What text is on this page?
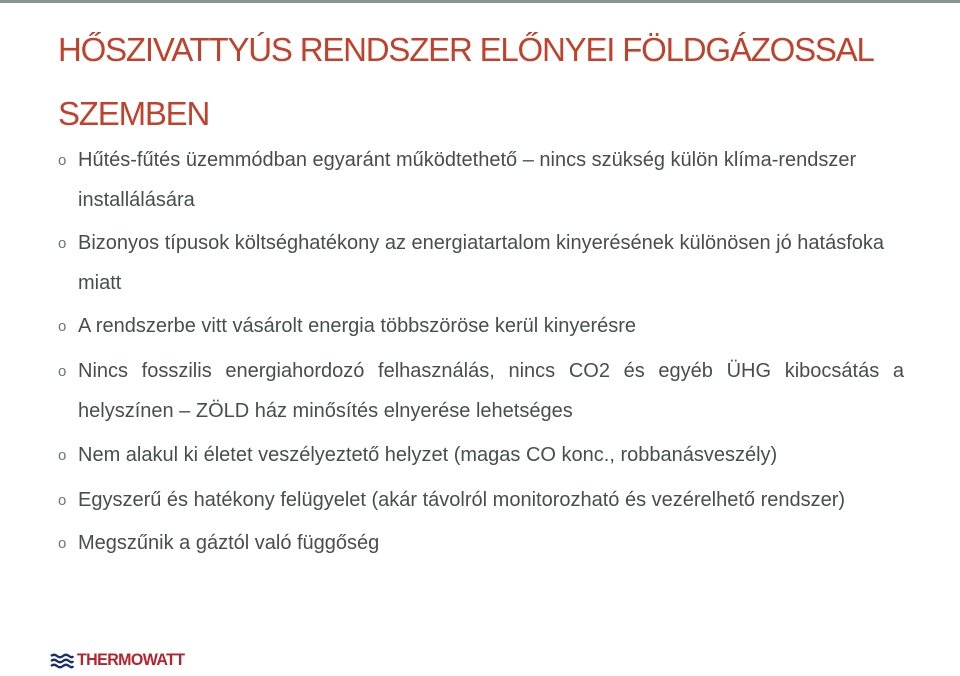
HŐSZIVATTYÚS RENDSZER ELŐNYEI FÖLDGÁZOSSAL SZEMBEN
o Hűtés-fűtés üzemmódban egyaránt működtethető – nincs szükség külön klíma-rendszer installálására
o Bizonyos típusok költséghatékony az energiatartalom kinyerésének különösen jó hatásfoka miatt
o A rendszerbe vitt vásárolt energia többszöröse kerül kinyerésre
o Nincs fosszilis energiahordozó felhasználás, nincs CO2 és egyéb ÜHG kibocsátás a helyszínen – ZÖLD ház minősítés elnyerése lehetséges
o Nem alakul ki életet veszélyeztető helyzet (magas CO konc., robbanásveszély)
o Egyszerű és hatékony felügyelet (akár távolról monitorozható és vezérelhető rendszer)
o Megszűnik a gáztól való függőség
THERMOWATT
